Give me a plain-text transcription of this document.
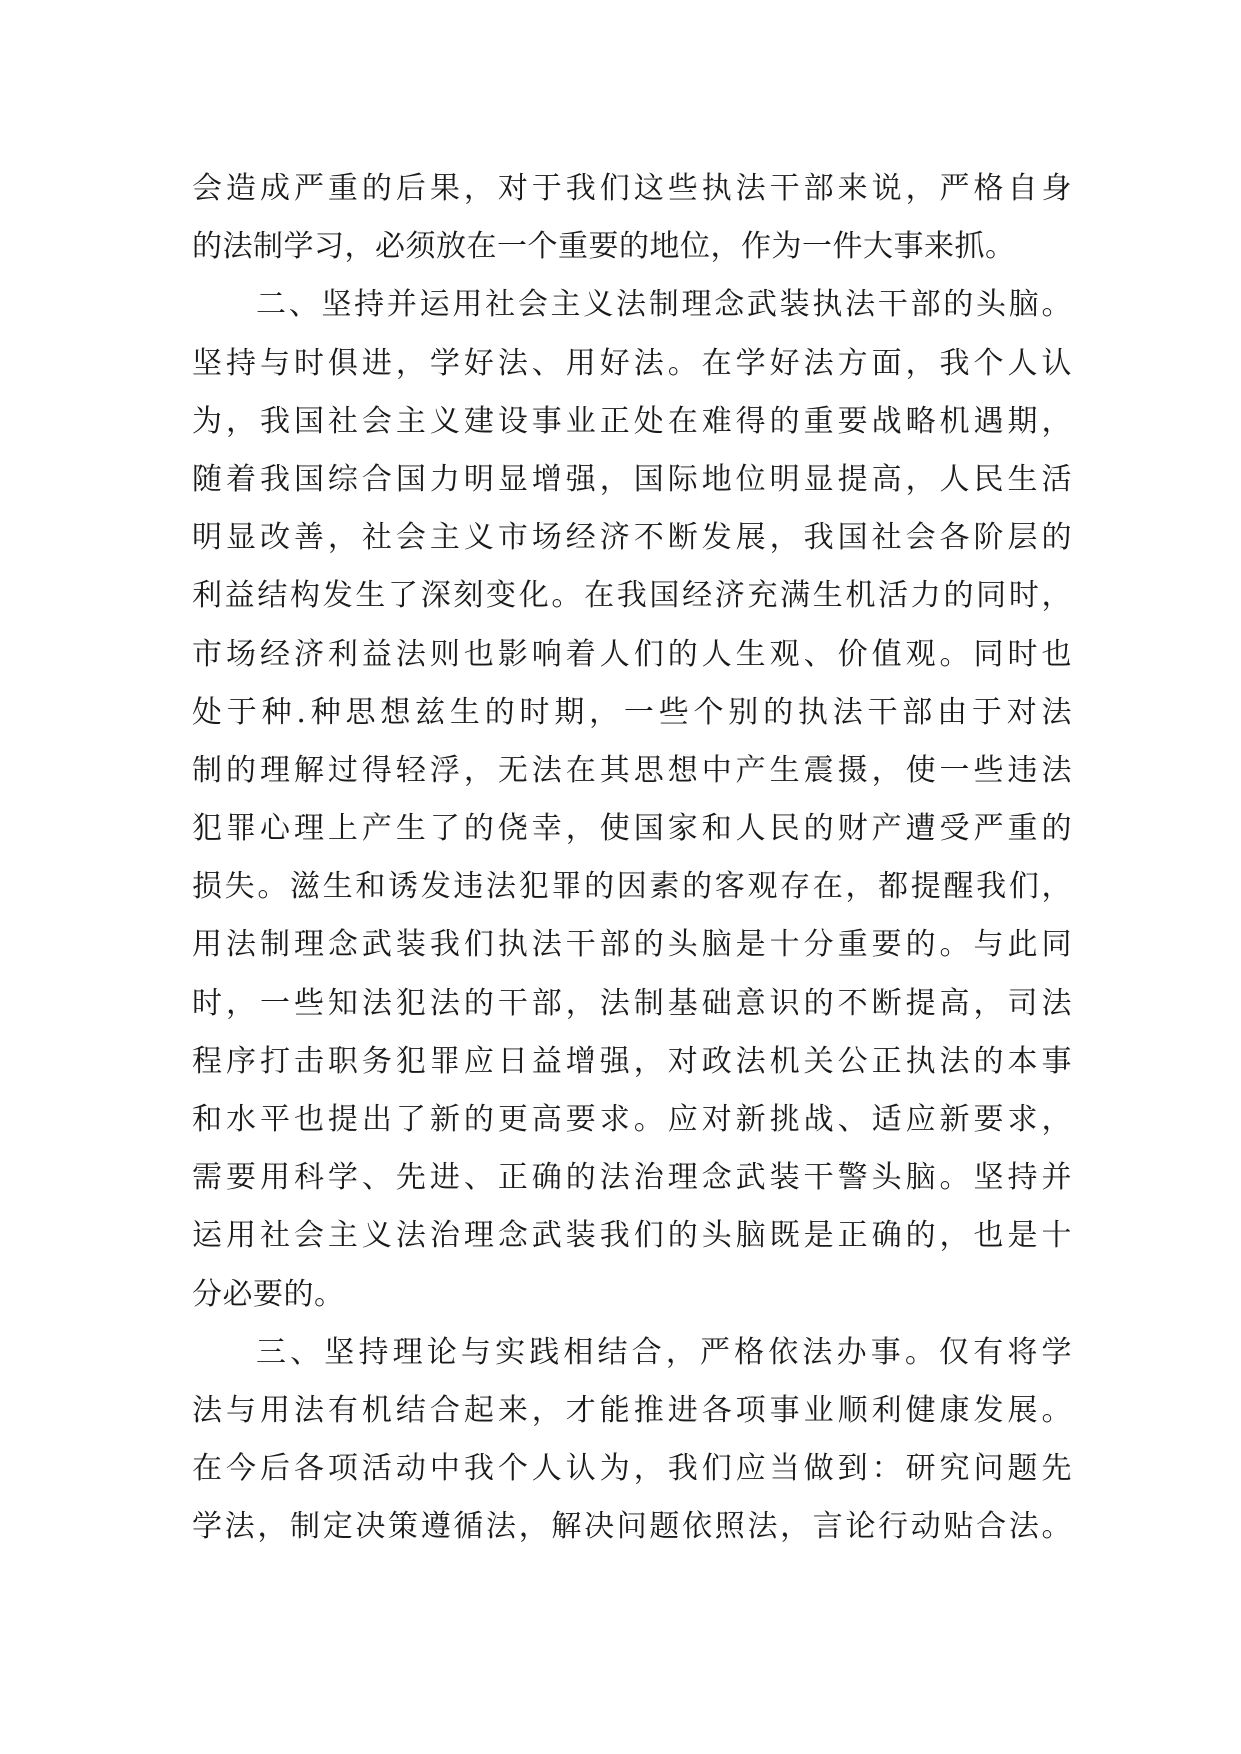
会造成严重的后果，对于我们这些执法干部来说，严格自身
的法制学习，必须放在一个重要的地位，作为一件大事来抓。
二、坚持并运用社会主义法制理念武装执法干部的头脑。
坚持与时俱进，学好法、用好法。在学好法方面，我个人认
为，我国社会主义建设事业正处在难得的重要战略机遇期，
随着我国综合国力明显增强，国际地位明显提高，人民生活
明显改善，社会主义市场经济不断发展，我国社会各阶层的
利益结构发生了深刻变化。在我国经济充满生机活力的同时，
市场经济利益法则也影响着人们的人生观、价值观。同时也
处于种.种思想兹生的时期，一些个别的执法干部由于对法
制的理解过得轻浮，无法在其思想中产生震摄，使一些违法
犯罪心理上产生了的侥幸，使国家和人民的财产遭受严重的
损失。滋生和诱发违法犯罪的因素的客观存在，都提醒我们，
用法制理念武装我们执法干部的头脑是十分重要的。与此同
时，一些知法犯法的干部，法制基础意识的不断提高，司法
程序打击职务犯罪应日益增强，对政法机关公正执法的本事
和水平也提出了新的更高要求。应对新挑战、适应新要求，
需要用科学、先进、正确的法治理念武装干警头脑。坚持并
运用社会主义法治理念武装我们的头脑既是正确的，也是十
分必要的。
三、坚持理论与实践相结合，严格依法办事。仅有将学
法与用法有机结合起来，才能推进各项事业顺利健康发展。
在今后各项活动中我个人认为，我们应当做到：研究问题先
学法，制定决策遵循法，解决问题依照法，言论行动贴合法。
